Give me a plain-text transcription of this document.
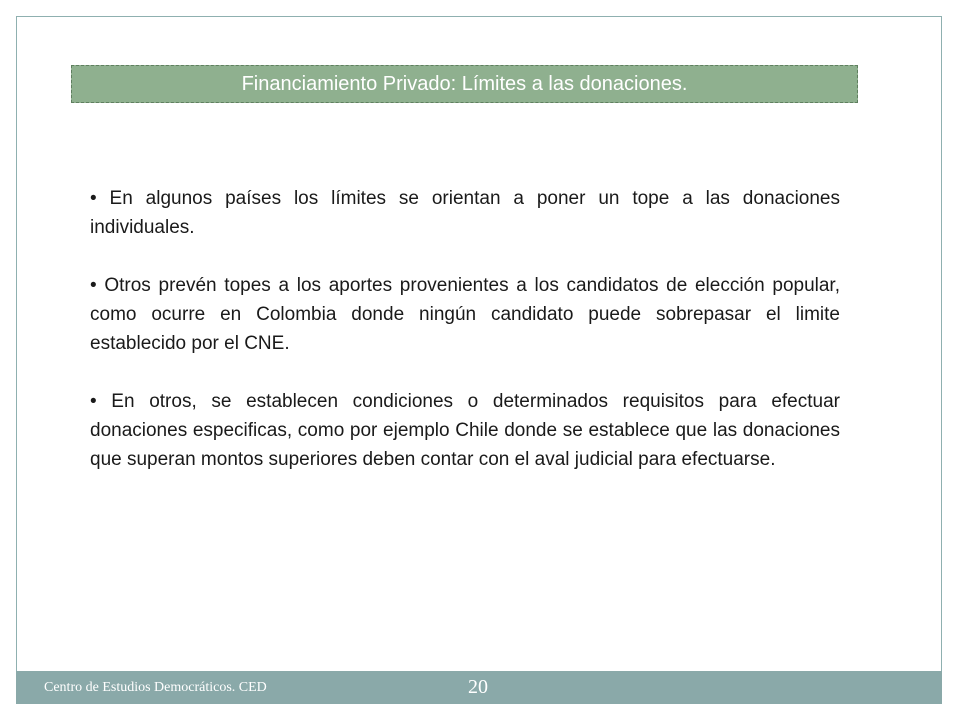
Financiamiento Privado: Límites a las donaciones.

• En algunos países los límites se orientan a poner un tope a las donaciones individuales.

• Otros prevén topes a los aportes provenientes a los candidatos de elección popular, como ocurre en Colombia donde ningún candidato puede sobrepasar el limite establecido por el CNE.

• En otros, se establecen condiciones o determinados requisitos para efectuar donaciones especificas, como por ejemplo Chile donde se establece que las donaciones que superan montos superiores deben contar con el aval judicial para efectuarse.

Centro de Estudios Democráticos. CED	20
